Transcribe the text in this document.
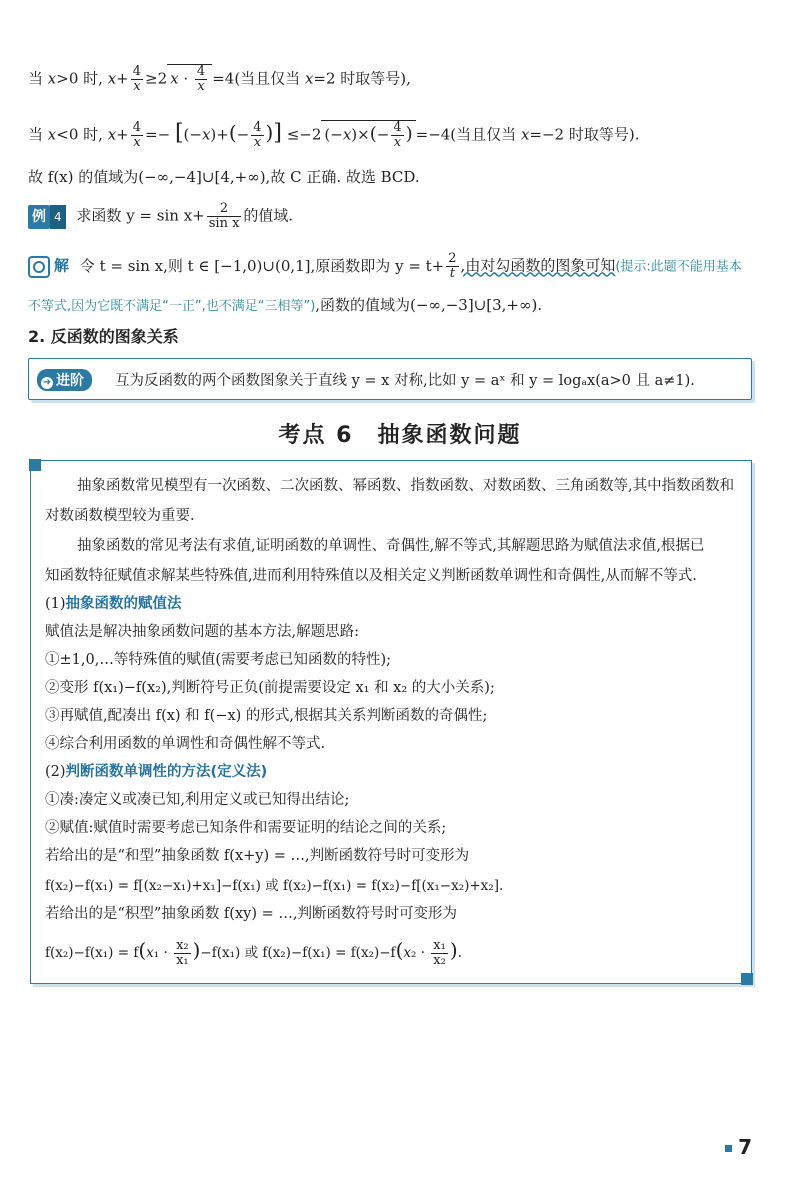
当 x>0 时, $x+ \frac{4}{x} \ge 2$ $x \cdot \frac{4}{x} =4$(当且仅当 x=2 时取等号),
当 x<0 时, $x+ \frac{4}{x} =- [(-x)+(- \frac{4}{x}$ )] ≤−2 $(-x)\times(- \frac{4}{x}$ ) =−4(当且仅当 x=−2 时取等号).
故 f(x) 的值域为(−∞,−4]∪[4,+∞),故 C 正确. 故选 BCD.
例 4 求函数 $y = \sin x+ \frac{2}{\text{sin x}}$ 的值域.
解 令 t = sin x,则 t ∈ [−1,0)∪(0,1],原函数即为 $y = t+ \frac{2}{t}$ ,由对勾函数的图象可知(提示:此题不能用基本
不等式,因为它既不满足“一正”,也不满足“三相等”),函数的值域为(−∞,−3]∪[3,+∞).
2. 反函数的图象关系
➜ 进阶	互为反函数的两个函数图象关于直线 y = x 对称,比如 y = aˣ 和 y = logₐx(a>0 且 a≠1).
考点 6　抽象函数问题
抽象函数常见模型有一次函数、二次函数、幂函数、指数函数、对数函数、三角函数等,其中指数函数和
对数函数模型较为重要.
抽象函数的常见考法有求值,证明函数的单调性、奇偶性,解不等式,其解题思路为赋值法求值,根据已
知函数特征赋值求解某些特殊值,进而利用特殊值以及相关定义判断函数单调性和奇偶性,从而解不等式.
(1)抽象函数的赋值法
赋值法是解决抽象函数问题的基本方法,解题思路:
①±1,0,…等特殊值的赋值(需要考虑已知函数的特性);
②变形 f(x₁)−f(x₂),判断符号正负(前提需要设定 x₁ 和 x₂ 的大小关系);
③再赋值,配凑出 f(x) 和 f(−x) 的形式,根据其关系判断函数的奇偶性;
④综合利用函数的单调性和奇偶性解不等式.
(2)判断函数单调性的方法(定义法)
①凑:凑定义或凑已知,利用定义或已知得出结论;
②赋值:赋值时需要考虑已知条件和需要证明的结论之间的关系;
若给出的是“和型”抽象函数 f(x+y) = …,判断函数符号时可变形为
f(x₂)−f(x₁) = f[(x₂−x₁)+x₁]−f(x₁) 或 f(x₂)−f(x₁) = f(x₂)−f[(x₁−x₂)+x₂].
若给出的是“积型”抽象函数 f(xy) = …,判断函数符号时可变形为
$f(x_2)-f(x_1) = f(x_1 \cdot \frac{\text{x₂}}{\text{x₁}} )-f(x_1)$ 或 $f(x_2)-f(x_1) = f(x_2)-f(x_2 \cdot \frac{\text{x₁}}{\text{x₂}}$ ).
7
